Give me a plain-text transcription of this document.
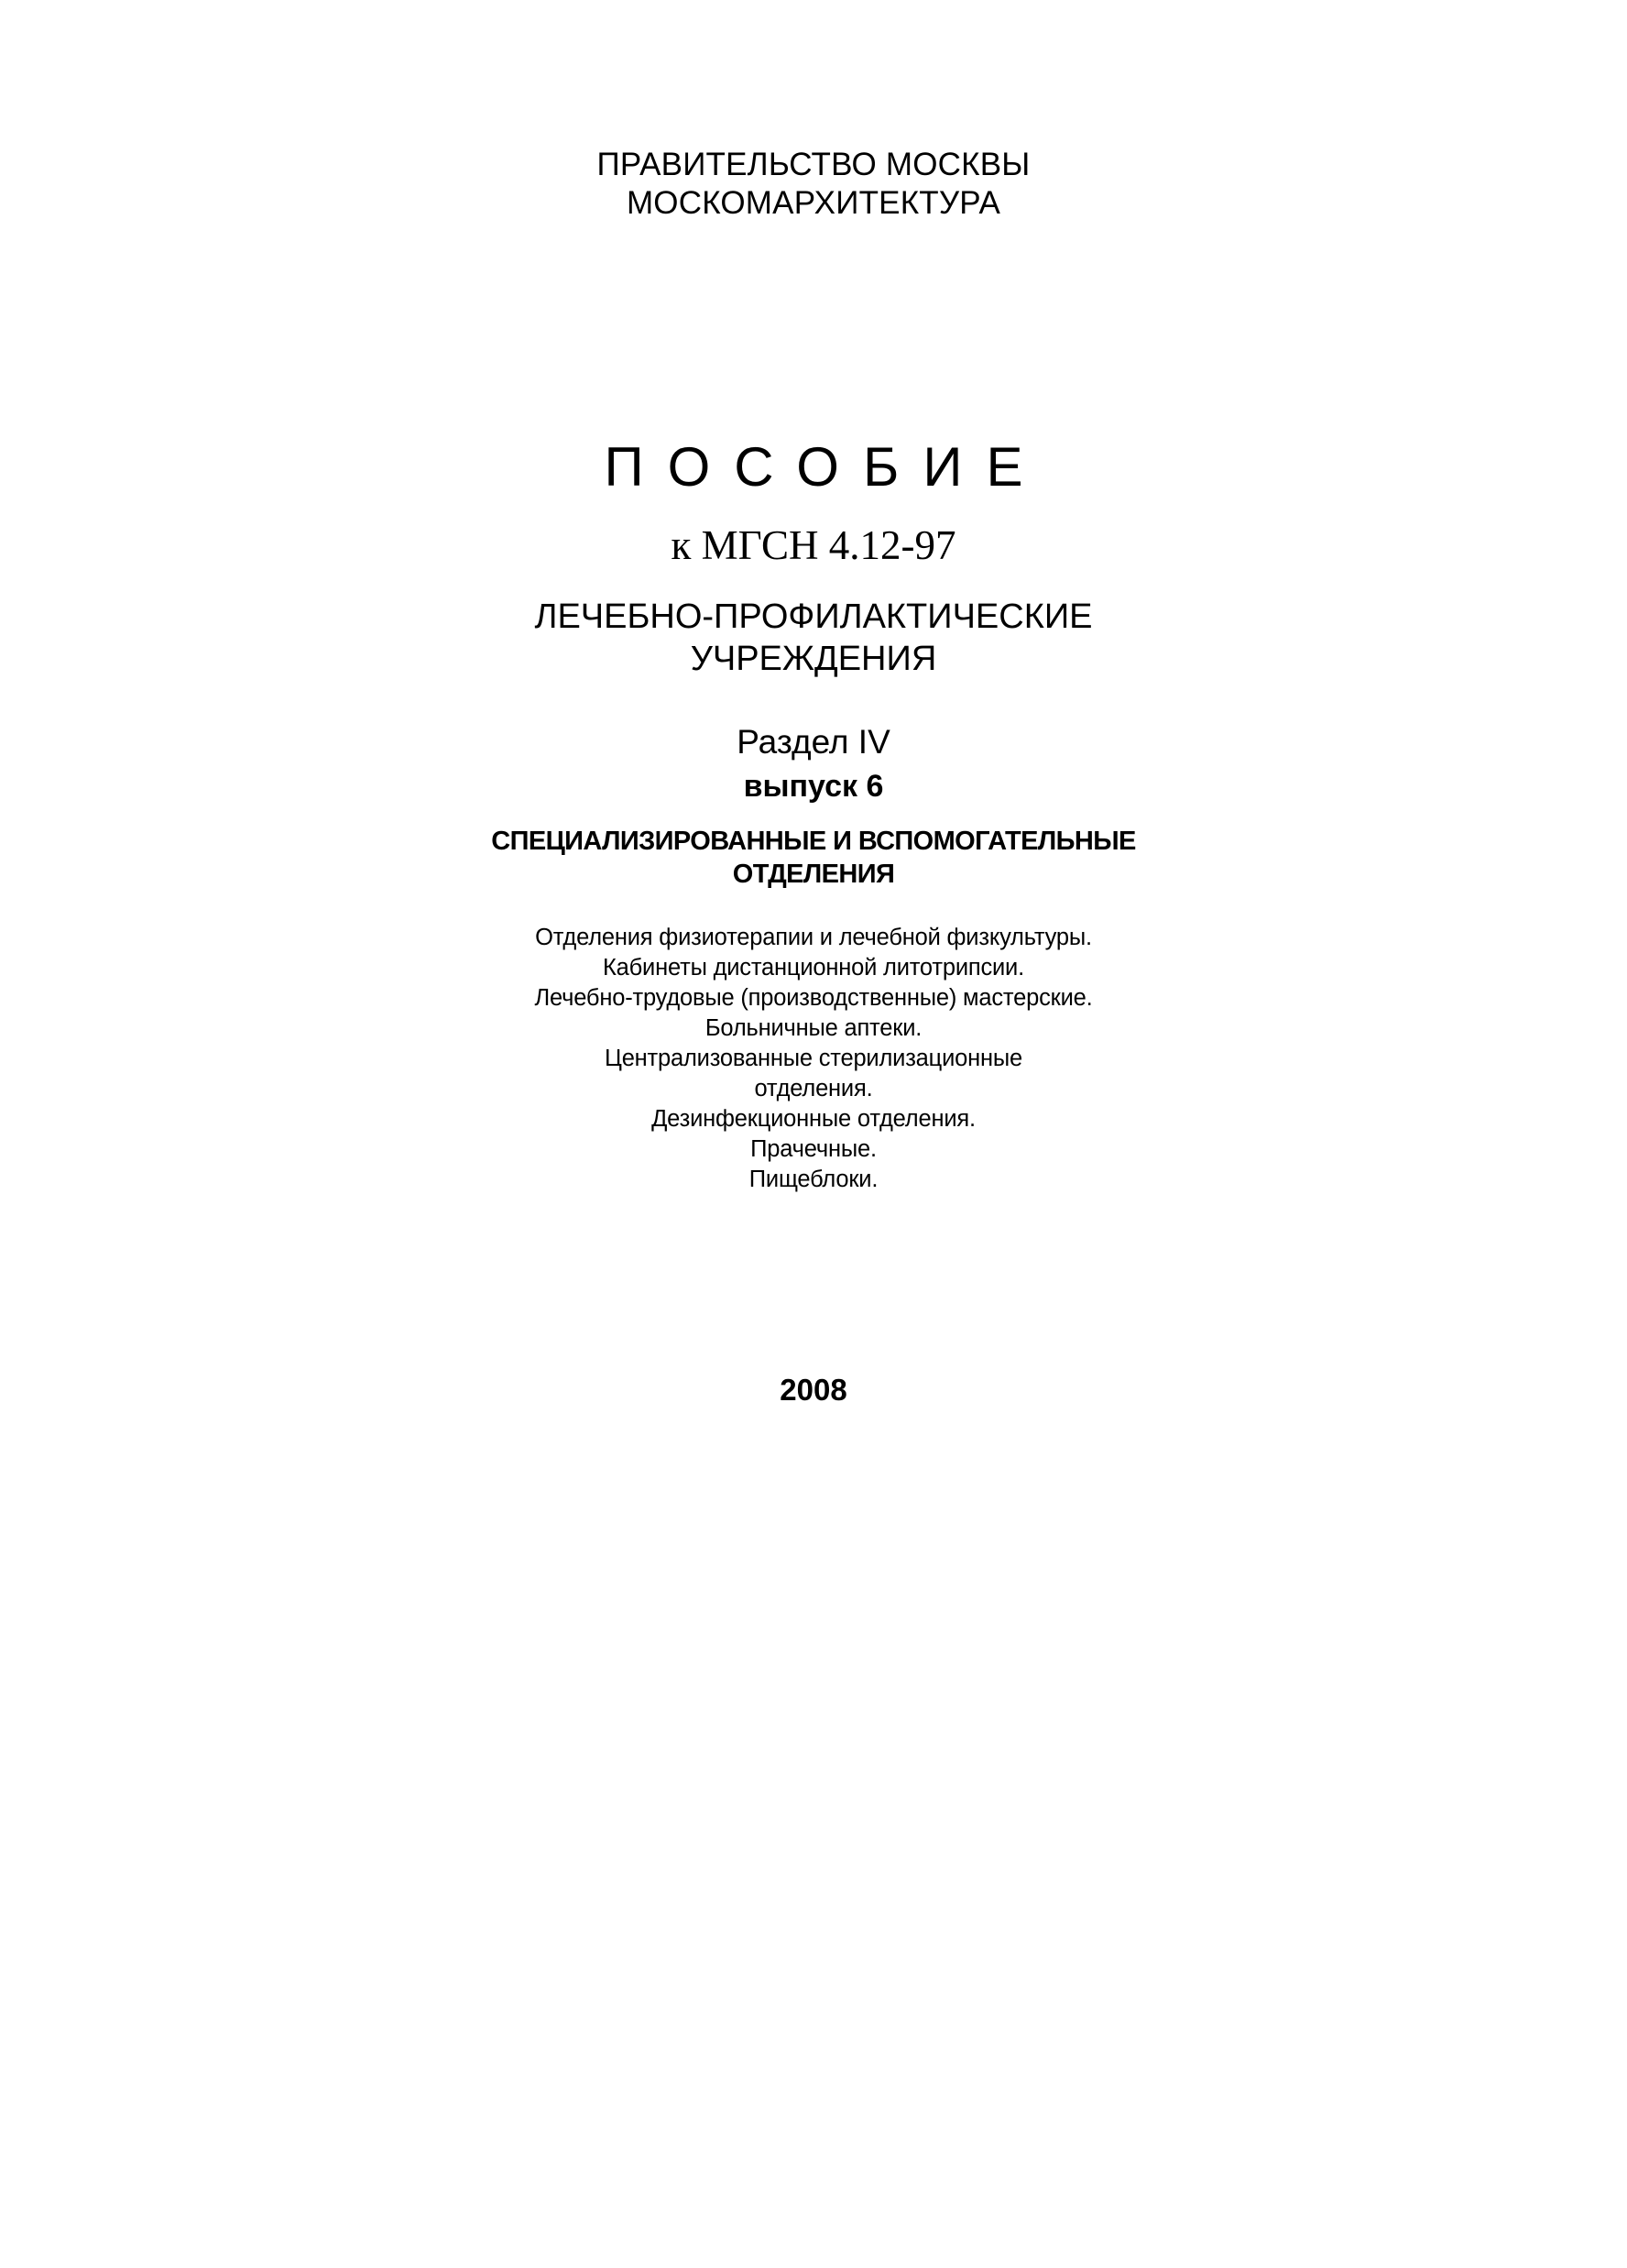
ПРАВИТЕЛЬСТВО МОСКВЫ

МОСКОМАРХИТЕКТУРА

ПОСОБИЕ

к МГСН 4.12-97

ЛЕЧЕБНО-ПРОФИЛАКТИЧЕСКИЕ

УЧРЕЖДЕНИЯ

Раздел IV

выпуск 6

СПЕЦИАЛИЗИРОВАННЫЕ И ВСПОМОГАТЕЛЬНЫЕ

ОТДЕЛЕНИЯ

Отделения физиотерапии и лечебной физкультуры.

Кабинеты дистанционной литотрипсии.

Лечебно-трудовые (производственные) мастерские.

Больничные аптеки.

Централизованные стерилизационные

отделения.

Дезинфекционные отделения.

Прачечные.

Пищеблоки.

2008
